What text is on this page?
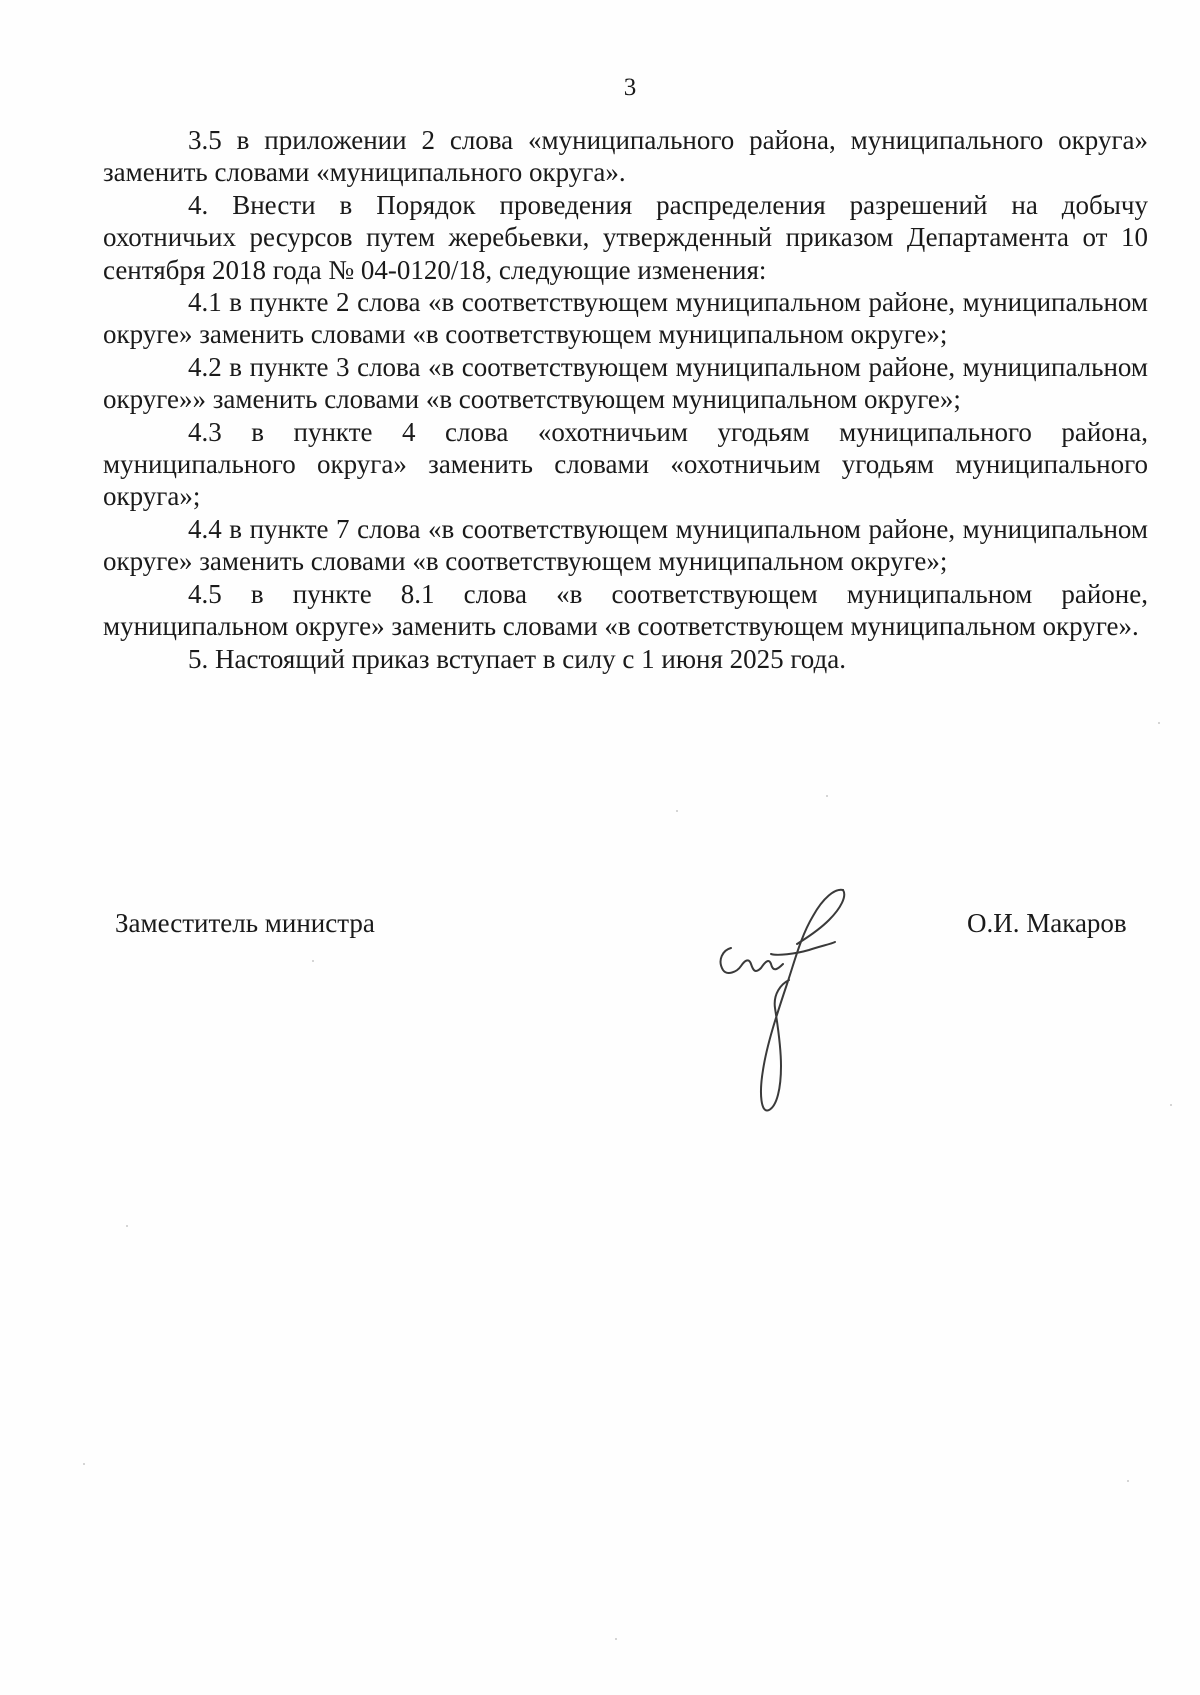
3

3.5 в приложении 2 слова «муниципального района, муниципального округа» заменить словами «муниципального округа».

4. Внести в Порядок проведения распределения разрешений на добычу охотничьих ресурсов путем жеребьевки, утвержденный приказом Департамента от 10 сентября 2018 года № 04-0120/18, следующие изменения:

4.1 в пункте 2 слова «в соответствующем муниципальном районе, муниципальном округе» заменить словами «в соответствующем муниципальном округе»;

4.2 в пункте 3 слова «в соответствующем муниципальном районе, муниципальном округе»» заменить словами «в соответствующем муниципальном округе»;

4.3 в пункте 4 слова «охотничьим угодьям муниципального района, муниципального округа» заменить словами «охотничьим угодьям муниципального округа»;

4.4 в пункте 7 слова «в соответствующем муниципальном районе, муниципальном округе» заменить словами «в соответствующем муниципальном округе»;

4.5 в пункте 8.1 слова «в соответствующем муниципальном районе, муниципальном округе» заменить словами «в соответствующем муниципальном округе».

5. Настоящий приказ вступает в силу с 1 июня 2025 года.

Заместитель министра	О.И. Макаров
